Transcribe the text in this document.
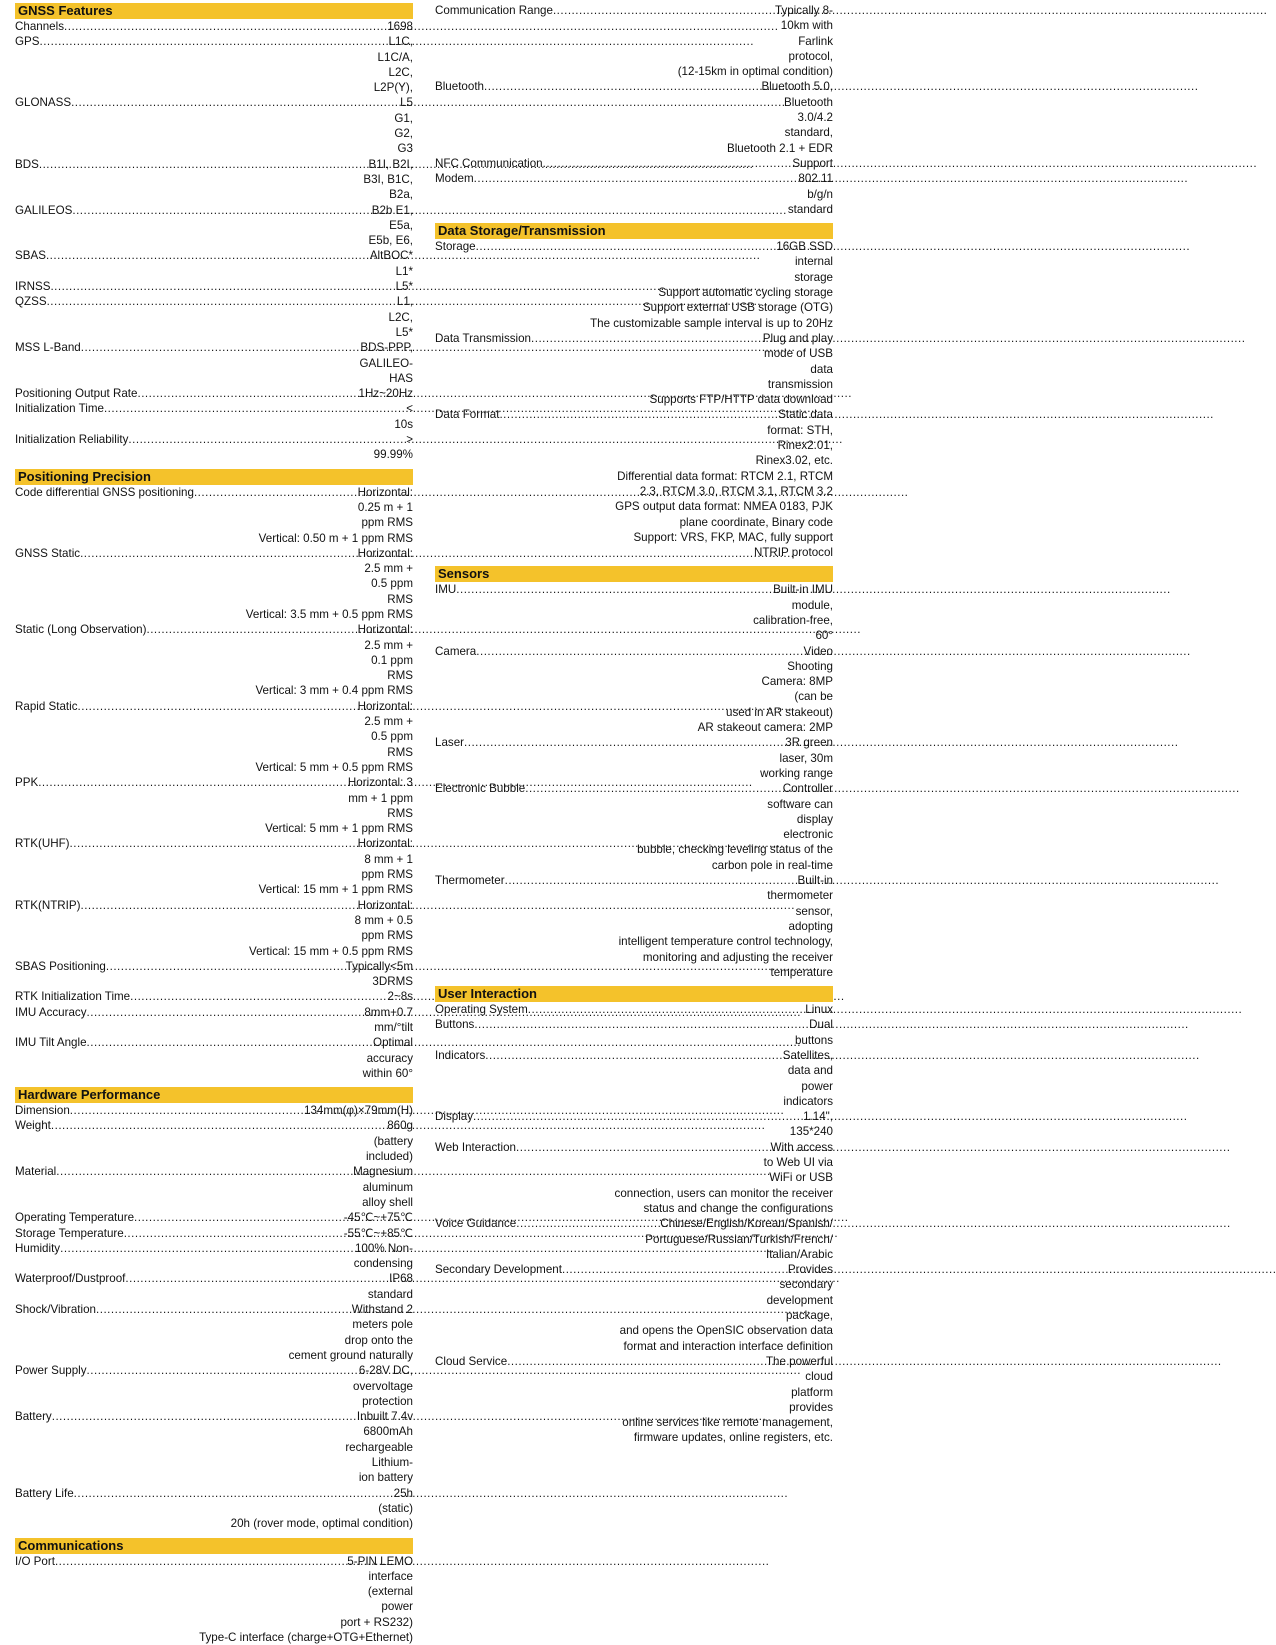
GNSS Features
Channels .....	1698
GPS .....	L1C, L1C/A, L2C, L2P(Y),
GLONASS .....	L5 G1, G2, G3
BDS .....	B1I, B2I, B3I, B1C, B2a,
GALILEOS .....	B2b E1, E5a, E5b, E6,
SBAS .....	AltBOC* L1*
IRNSS .....	L5*
QZSS .....	L1, L2C, L5*
MSS L-Band .....	BDS-PPP, GALILEO-HAS
Positioning Output Rate .....	1Hz~20Hz
Initialization Time .....	< 10s
Initialization Reliability .....	> 99.99%
Positioning Precision
Code differential GNSS positioning .....	Horizontal: 0.25 m + 1 ppm RMS
Vertical: 0.50 m + 1 ppm RMS
GNSS Static .....	Horizontal: 2.5 mm + 0.5 ppm RMS
Vertical: 3.5 mm + 0.5 ppm RMS
Static (Long Observation) .....	Horizontal: 2.5 mm + 0.1 ppm RMS
Vertical: 3 mm + 0.4 ppm RMS
Rapid Static .....	Horizontal: 2.5 mm + 0.5 ppm RMS
Vertical: 5 mm + 0.5 ppm RMS
PPK .....	Horizontal: 3 mm + 1 ppm RMS
Vertical: 5 mm + 1 ppm RMS
RTK(UHF) .....	Horizontal: 8 mm + 1 ppm RMS
Vertical: 15 mm + 1 ppm RMS
RTK(NTRIP) .....	Horizontal: 8 mm + 0.5 ppm RMS
Vertical: 15 mm + 0.5 ppm RMS
SBAS Positioning .....	Typically<5m 3DRMS
RTK Initialization Time .....	2~8s
IMU Accuracy .....	8mm+0.7 mm/°tilt
IMU Tilt Angle .....	Optimal accuracy within 60°
Hardware Performance
Dimension .....	134mm(φ)×79mm(H)
Weight .....	860g (battery included)
Material .....	Magnesium aluminum alloy shell
Operating Temperature .....	-45℃~+75℃
Storage Temperature .....	-55℃~+85℃
Humidity .....	100% Non-condensing
Waterproof/Dustproof .....	IP68 standard
Shock/Vibration .....	Withstand 2 meters pole drop onto the
cement ground naturally
Power Supply .....	6-28V DC, overvoltage protection
Battery .....	Inbuilt 7.4v 6800mAh rechargeable Lithium-
ion battery
Battery Life .....	25h (static)
20h (rover mode, optimal condition)
Communications
I/O Port .....	5-PIN LEMO interface (external power
port + RS232)
Type-C interface (charge+OTG+Ethernet)
Communication Range .....	Typically 8-10km with Farlink protocol,
(12-15km in optimal condition)
Bluetooth .....	Bluetooth 5.0, Bluetooth 3.0/4.2 standard,
Bluetooth 2.1 + EDR
NFC Communication .....	Support
Modem .....	802.11 b/g/n standard
Data Storage/Transmission
Storage .....	16GB SSD internal storage
Support automatic cycling storage
Support external USB storage (OTG)
The customizable sample interval is up to 20Hz
Data Transmission .....	Plug and play mode of USB data transmission
Supports FTP/HTTP data download
Data Format .....	Static data format: STH, Rinex2.01, Rinex3.02, etc.
Differential data format: RTCM 2.1, RTCM
2.3, RTCM 3.0, RTCM 3.1, RTCM 3.2
GPS output data format: NMEA 0183, PJK
plane coordinate, Binary code
Support: VRS, FKP, MAC, fully support
NTRIP protocol
Sensors
IMU .....	Built-in IMU module, calibration-free, 60°
Camera .....	Video Shooting Camera: 8MP (can be
used in AR stakeout)
AR stakeout camera: 2MP
Laser .....	3R green laser, 30m working range
Electronic Bubble .....	Controller software can display electronic
bubble, checking leveling status of the
carbon pole in real-time
Thermometer .....	Built-in thermometer sensor, adopting
intelligent temperature control technology,
monitoring and adjusting the receiver
temperature
User Interaction
Operating System .....	Linux
Buttons .....	Dual buttons
Indicators .....	Satellites, data and power indicators
Display .....	1.14", 135*240
Web Interaction .....	With access to Web UI via WiFi or USB
connection, users can monitor the receiver
status and change the configurations
Voice Guidance .....	Chinese/English/Korean/Spanish/
Portuguese/Russian/Turkish/French/
Italian/Arabic
Secondary Development .....	Provides secondary development package,
and opens the OpenSIC observation data
format and interaction interface definition
Cloud Service .....	The powerful cloud platform provides
online services like remote management,
firmware updates, online registers, etc.
